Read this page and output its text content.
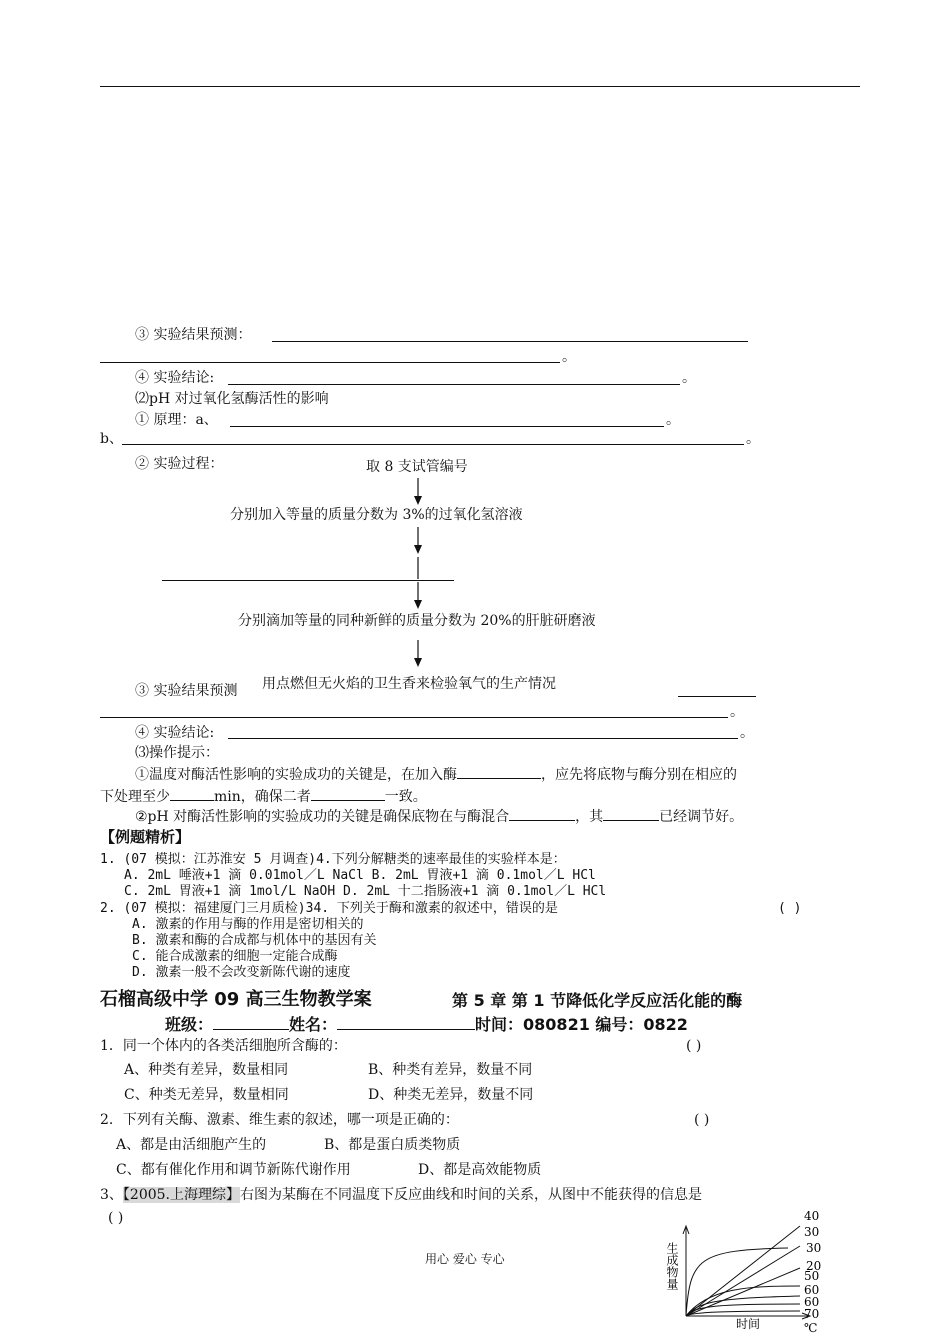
③ 实验结果预测：
。
④ 实验结论:	。
⑵pH 对过氧化氢酶活性的影响
① 原理：a、	。
b、	。
② 实验过程：	取 8 支试管编号
分别加入等量的质量分数为 3%的过氧化氢溶液
分别滴加等量的同种新鲜的质量分数为 20%的肝脏研磨液
用点燃但无火焰的卫生香来检验氧气的生产情况
③ 实验结果预测
。
④ 实验结论:	。
⑶操作提示：
①温度对酶活性影响的实验成功的关键是，在加入酶	，应先将底物与酶分别在相应的
下处理至少	min，确保二者	一致。
②pH 对酶活性影响的实验成功的关键是确保底物在与酶混合	，其	已经调节好。
【例题精析】
1. (07 模拟：江苏淮安 5 月调查)4.下列分解糖类的速率最佳的实验样本是：
A. 2mL 唾液+1 滴 0.01mol／L NaCl B. 2mL 胃液+1 滴 0.1mol／L HCl
C. 2mL 胃液+1 滴 1mol/L NaOH D. 2mL 十二指肠液+1 滴 0.1mol／L HCl
2. (07 模拟：福建厦门三月质检)34. 下列关于酶和激素的叙述中，错误的是	( )
A. 激素的作用与酶的作用是密切相关的
B. 激素和酶的合成都与机体中的基因有关
C. 能合成激素的细胞一定能合成酶
D. 激素一般不会改变新陈代谢的速度
石榴高级中学 09 高三生物教学案	第 5 章 第 1 节降低化学反应活化能的酶
班级：	姓名：	时间：080821 编号：0822
1．同一个体内的各类活细胞所含酶的：	( )
A、种类有差异，数量相同	B、种类有差异，数量不同
C、种类无差异，数量相同	D、种类无差异，数量不同
2．下列有关酶、激素、维生素的叙述，哪一项是正确的：	( )
A、都是由活细胞产生的	B、都是蛋白质类物质
C、都有催化作用和调节新陈代谢作用	D、都是高效能物质
3、【2005.上海理综】右图为某酶在不同温度下反应曲线和时间的关系，从图中不能获得的信息是
( )
生成物量
时间
40
30
30
20
50
60
60
70
℃
用心 爱心 专心
